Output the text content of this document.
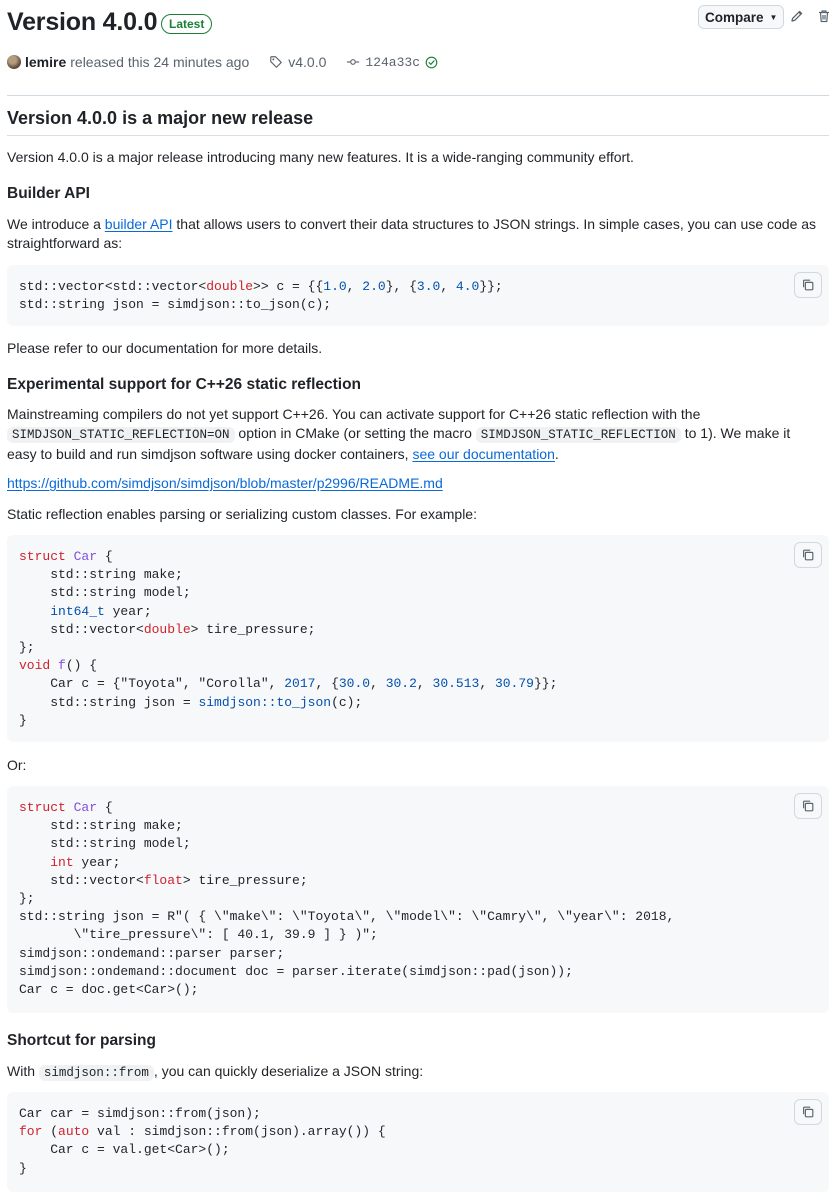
Version 4.0.0 Latest	Compare ▼
lemire released this 24 minutes ago	v4.0.0	124a33c
Version 4.0.0 is a major new release
Version 4.0.0 is a major release introducing many new features. It is a wide-ranging community effort.
Builder API
We introduce a builder API that allows users to convert their data structures to JSON strings. In simple cases, you can use code as straightforward as:
std::vector<std::vector<double>> c = {{1.0, 2.0}, {3.0, 4.0}};
std::string json = simdjson::to_json(c);
Please refer to our documentation for more details.
Experimental support for C++26 static reflection
Mainstreaming compilers do not yet support C++26. You can activate support for C++26 static reflection with the
SIMDJSON_STATIC_REFLECTION=ON option in CMake (or setting the macro SIMDJSON_STATIC_REFLECTION to 1). We make it
easy to build and run simdjson software using docker containers, see our documentation.
https://github.com/simdjson/simdjson/blob/master/p2996/README.md
Static reflection enables parsing or serializing custom classes. For example:
struct Car {
std::string make;
std::string model;
int64_t year;
std::vector<double> tire_pressure;
};
void f() {
Car c = {"Toyota", "Corolla", 2017, {30.0, 30.2, 30.513, 30.79}};
std::string json = simdjson::to_json(c);
}
Or:
struct Car {
std::string make;
std::string model;
int year;
std::vector<float> tire_pressure;
};
std::string json = R"( { \"make\": \"Toyota\", \"model\": \"Camry\", \"year\": 2018,
\"tire_pressure\": [ 40.1, 39.9 ] } )";
simdjson::ondemand::parser parser;
simdjson::ondemand::document doc = parser.iterate(simdjson::pad(json));
Car c = doc.get<Car>();
Shortcut for parsing
With simdjson::from , you can quickly deserialize a JSON string:
Car car = simdjson::from(json);
for (auto val : simdjson::from(json).array()) {
Car c = val.get<Car>();
}
